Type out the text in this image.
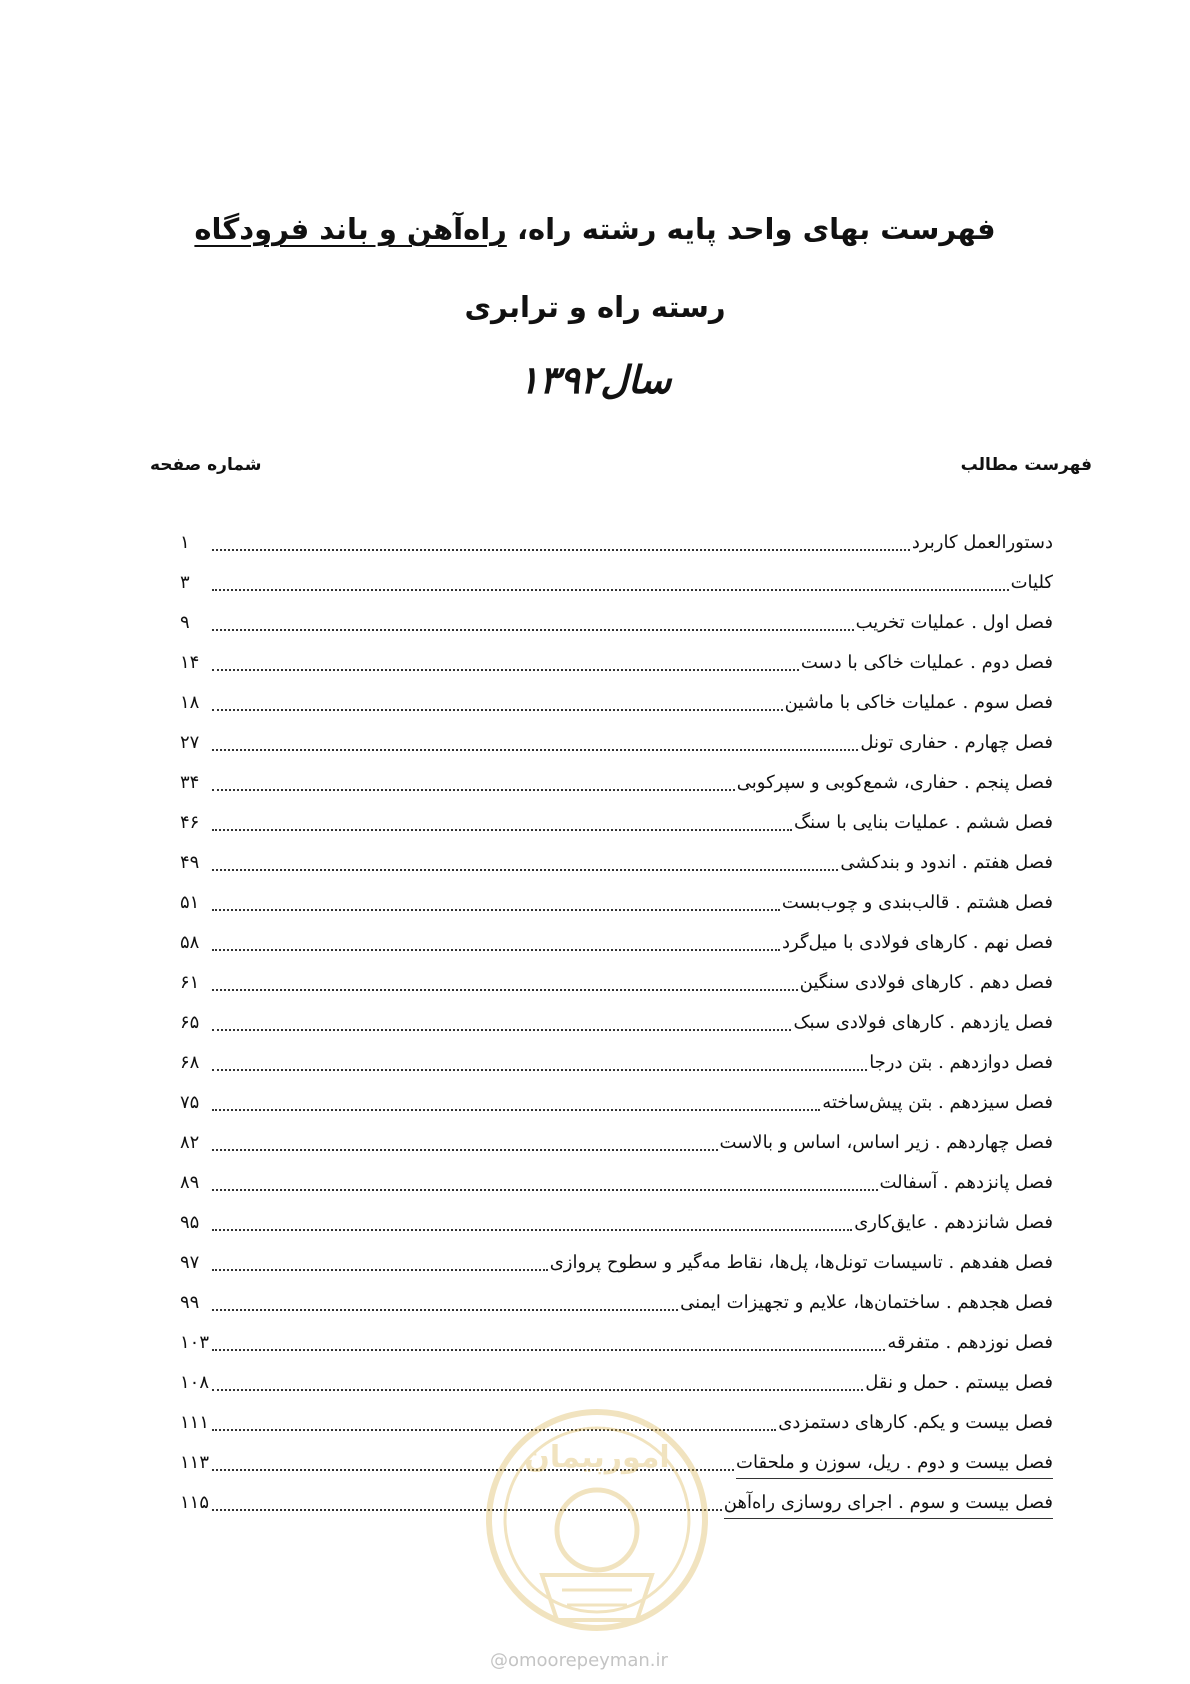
فهرست بهای واحد پایه رشته راه، راه‌آهن و باند فرودگاه
رسته راه و ترابری
سال۱۳۹۲
فهرست مطالب
شماره صفحه
دستورالعمل کاربرد
۱
کلیات
۳
فصل اول . عملیات تخریب
۹
فصل دوم . عملیات خاکی با دست
۱۴
فصل سوم . عملیات خاکی با ماشین
۱۸
فصل چهارم . حفاری تونل
۲۷
فصل پنجم . حفاری، شمع‌کوبی و سپرکوبی
۳۴
فصل ششم . عملیات بنایی با سنگ
۴۶
فصل هفتم . اندود و بندکشی
۴۹
فصل هشتم . قالب‌بندی و چوب‌بست
۵۱
فصل نهم . کارهای فولادی با میل‌گرد
۵۸
فصل دهم . کارهای فولادی سنگین
۶۱
فصل یازدهم . کارهای فولادی سبک
۶۵
فصل دوازدهم . بتن درجا
۶۸
فصل سیزدهم . بتن پیش‌ساخته
۷۵
فصل چهاردهم . زیر اساس، اساس و بالاست
۸۲
فصل پانزدهم . آسفالت
۸۹
فصل شانزدهم . عایق‌کاری
۹۵
فصل هفدهم . تاسیسات تونل‌ها، پل‌ها، نقاط مه‌گیر و سطوح پروازی
۹۷
فصل هجدهم . ساختمان‌ها، علایم و تجهیزات ایمنی
۹۹
فصل نوزدهم . متفرقه
۱۰۳
فصل بیستم . حمل و نقل
۱۰۸
فصل بیست و یکم. کارهای دستمزدی
۱۱۱
فصل بیست و دوم . ریل، سوزن و ملحقات
۱۱۳
فصل بیست و سوم . اجرای روسازی راه‌آهن
۱۱۵
امورپیمان
@omoorepeyman.ir
